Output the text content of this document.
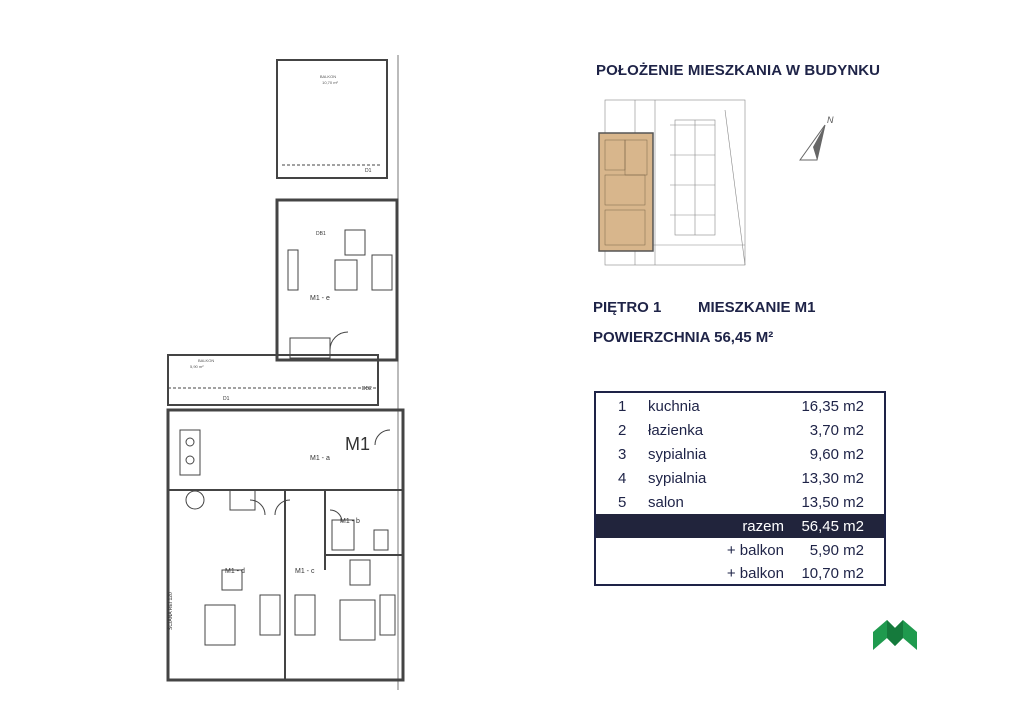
BALKON
10,70 m²
BALKON
5,90 m²
M1
M1 - a
M1 - b
M1 - c
M1 - d
M1 - e
D1
DB1
DB2
D1
ŚCIANA REI 120
POŁOŻENIE MIESZKANIA W BUDYNKU
N
PIĘTRO 1 MIESZKANIE M1
POWIERZCHNIA 56,45 M²
1 kuchnia	16,35 m2
2 łazienka	3,70 m2
3 sypialnia	9,60 m2
4 sypialnia	13,30 m2
5 salon	13,50 m2
razem 56,45 m2
+ balkon 5,90 m2
+ balkon 10,70 m2
